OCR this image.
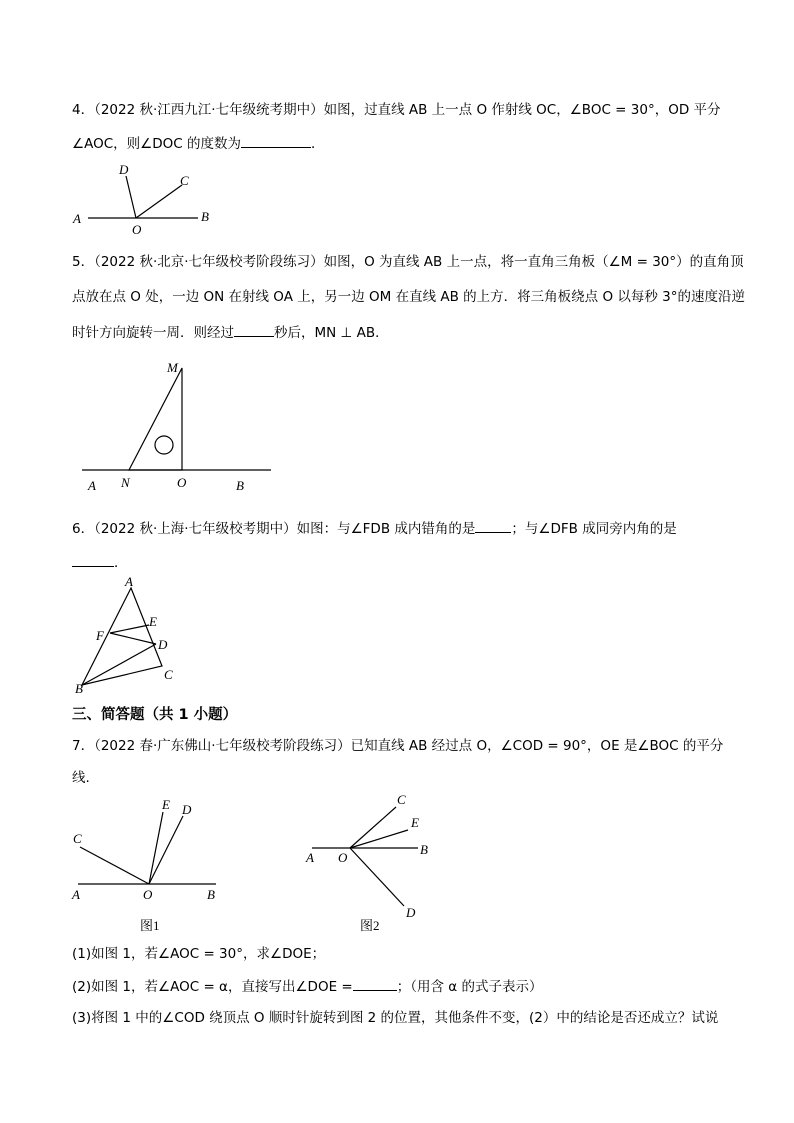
4．（2022 秋·江西九江·七年级统考期中）如图，过直线 AB 上一点 O 作射线 OC，∠BOC = 30°，OD 平分
∠AOC，则∠DOC 的度数为	．
D
C
A
O
B
5．（2022 秋·北京·七年级校考阶段练习）如图，O 为直线 AB 上一点，将一直角三角板（∠M = 30°）的直角顶
点放在点 O 处，一边 ON 在射线 OA 上，另一边 OM 在直线 AB 的上方．将三角板绕点 O 以每秒 3°的速度沿逆
时针方向旋转一周．则经过	秒后，MN ⊥ AB．
M
A N	O	B
6．（2022 秋·上海·七年级校考期中）如图：与∠FDB 成内错角的是	；与∠DFB 成同旁内角的是
．
A
E
F
D
C
B
三、简答题（共 1 小题）
7．（2022 春·广东佛山·七年级校考阶段练习）已知直线 AB 经过点 O，∠COD = 90°，OE 是∠BOC 的平分
线.
E D
C
A	O	B
图1
C
E
A O
B
D
图2
(1)如图 1，若∠AOC = 30°，求∠DOE；
(2)如图 1，若∠AOC = α，直接写出∠DOE =	；（用含 α 的式子表示）
(3)将图 1 中的∠COD 绕顶点 O 顺时针旋转到图 2 的位置，其他条件不变，(2）中的结论是否还成立？试说
